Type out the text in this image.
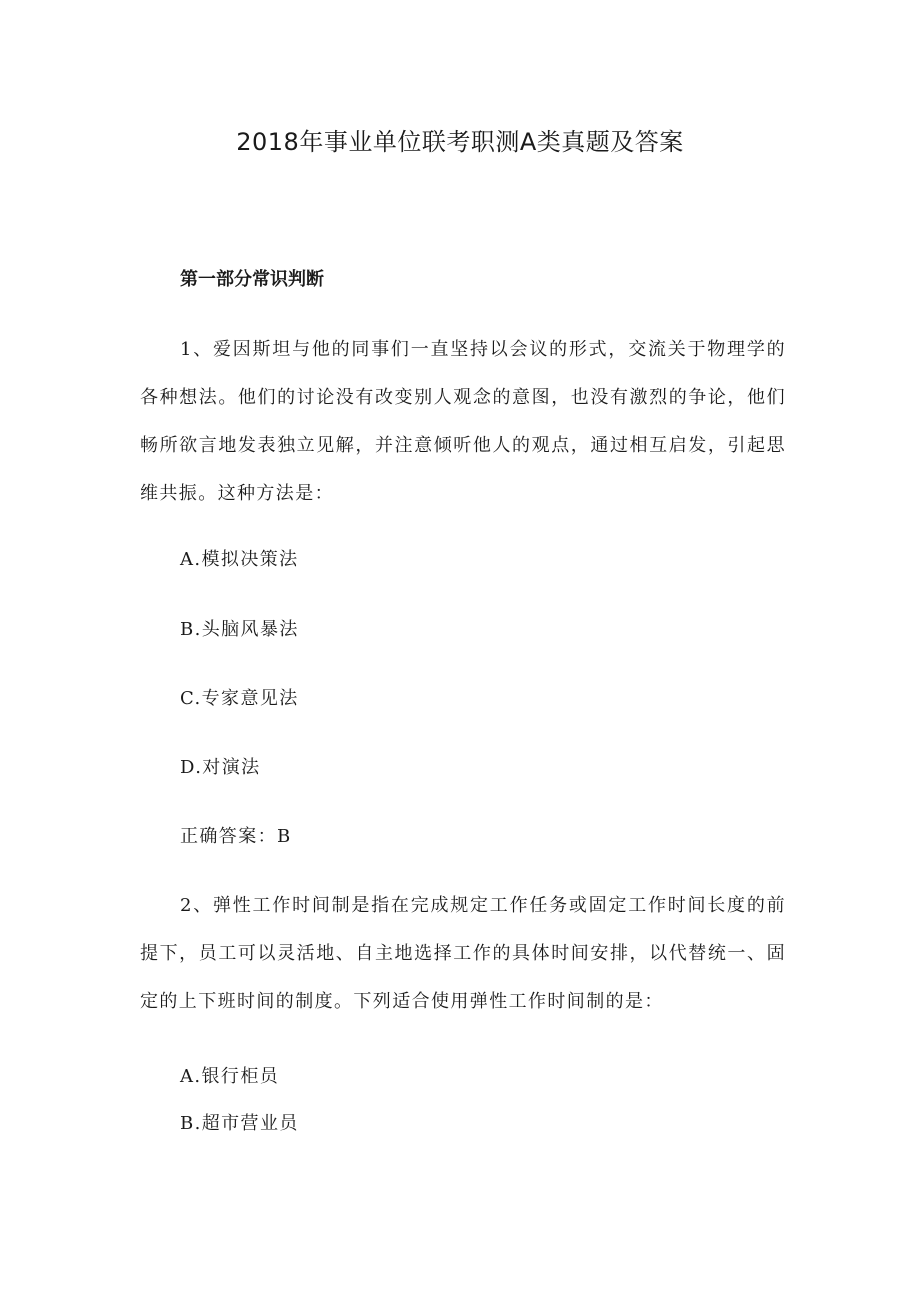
2018年事业单位联考职测A类真题及答案
第一部分常识判断

1、爱因斯坦与他的同事们一直坚持以会议的形式，交流关于物理学的各种想法。他们的讨论没有改变别人观念的意图，也没有激烈的争论，他们畅所欲言地发表独立见解，并注意倾听他人的观点，通过相互启发，引起思维共振。这种方法是：

A.模拟决策法

B.头脑风暴法

C.专家意见法

D.对演法

正确答案：B

2、弹性工作时间制是指在完成规定工作任务或固定工作时间长度的前提下，员工可以灵活地、自主地选择工作的具体时间安排，以代替统一、固定的上下班时间的制度。下列适合使用弹性工作时间制的是：

A.银行柜员

B.超市营业员
